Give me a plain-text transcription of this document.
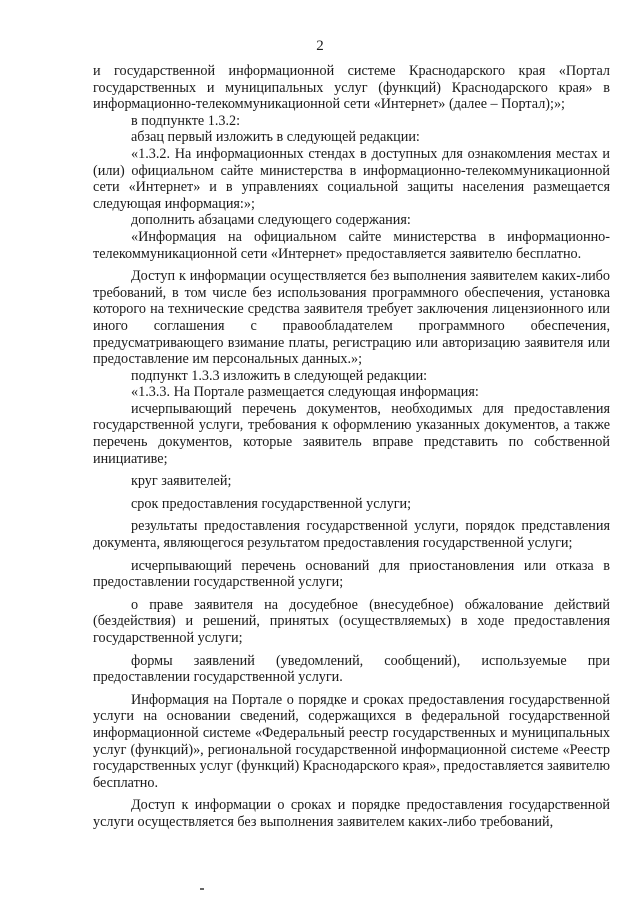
2

и государственной информационной системе Краснодарского края «Портал государственных и муниципальных услуг (функций) Краснодарского края» в информационно-телекоммуникационной сети «Интернет» (далее – Портал);»;

в подпункте 1.3.2:

абзац первый изложить в следующей редакции:

«1.3.2. На информационных стендах в доступных для ознакомления местах и (или) официальном сайте министерства в информационно-телекоммуникационной сети «Интернет» и в управлениях социальной защиты населения размещается следующая информация:»;

дополнить абзацами следующего содержания:

«Информация на официальном сайте министерства в информационно-телекоммуникационной сети «Интернет» предоставляется заявителю бесплатно.

Доступ к информации осуществляется без выполнения заявителем каких-либо требований, в том числе без использования программного обеспечения, установка которого на технические средства заявителя требует заключения лицензионного или иного соглашения с правообладателем программного обеспечения, предусматривающего взимание платы, регистрацию или авторизацию заявителя или предоставление им персональных данных.»;

подпункт 1.3.3 изложить в следующей редакции:

«1.3.3. На Портале размещается следующая информация:

исчерпывающий перечень документов, необходимых для предоставления государственной услуги, требования к оформлению указанных документов, а также перечень документов, которые заявитель вправе представить по собственной инициативе;

круг заявителей;

срок предоставления государственной услуги;

результаты предоставления государственной услуги, порядок представления документа, являющегося результатом предоставления государственной услуги;

исчерпывающий перечень оснований для приостановления или отказа в предоставлении государственной услуги;

о праве заявителя на досудебное (внесудебное) обжалование действий (бездействия) и решений, принятых (осуществляемых) в ходе предоставления государственной услуги;

формы заявлений (уведомлений, сообщений), используемые при предоставлении государственной услуги.

Информация на Портале о порядке и сроках предоставления государственной услуги на основании сведений, содержащихся в федеральной государственной информационной системе «Федеральный реестр государственных и муниципальных услуг (функций)», региональной государственной информационной системе «Реестр государственных услуг (функций) Краснодарского края», предоставляется заявителю бесплатно.

Доступ к информации о сроках и порядке предоставления государственной услуги осуществляется без выполнения заявителем каких-либо требований,
